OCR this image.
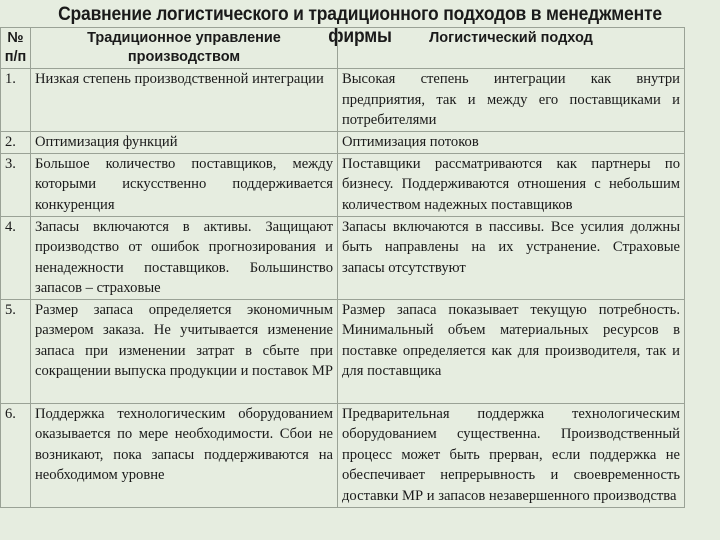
Сравнение логистического и традиционного подходов в менеджменте фирмы
№ п/п	Традиционное управление производством	Логистический подход
1.	Низкая степень производственной интеграции	Высокая степень интеграции как внутри предприятия, так и между его поставщиками и потребителями
2.	Оптимизация функций	Оптимизация потоков
3.	Большое количество поставщиков, между которыми искусственно поддерживается конкуренция	Поставщики рассматриваются как партнеры по бизнесу. Поддерживаются отношения с небольшим количеством надежных поставщиков
4.	Запасы включаются в активы. Защищают производство от ошибок прогнозирования и ненадежности поставщиков. Большинство запасов – страховые	Запасы включаются в пассивы. Все усилия должны быть направлены на их устранение. Страховые запасы отсутствуют
5.	Размер запаса определяется экономичным размером заказа. Не учитывается изменение запаса при изменении затрат в сбыте при сокращении выпуска продукции и поставок МР	Размер запаса показывает текущую потребность. Минимальный объем материальных ресурсов в поставке определяется как для производителя, так и для поставщика
6.	Поддержка технологическим оборудованием оказывается по мере необходимости. Сбои не возникают, пока запасы поддерживаются на необходимом уровне	Предварительная поддержка технологическим оборудованием существенна. Производственный процесс может быть прерван, если поддержка не обеспечивает непрерывность и своевременность доставки МР и запасов незавершенного производства
